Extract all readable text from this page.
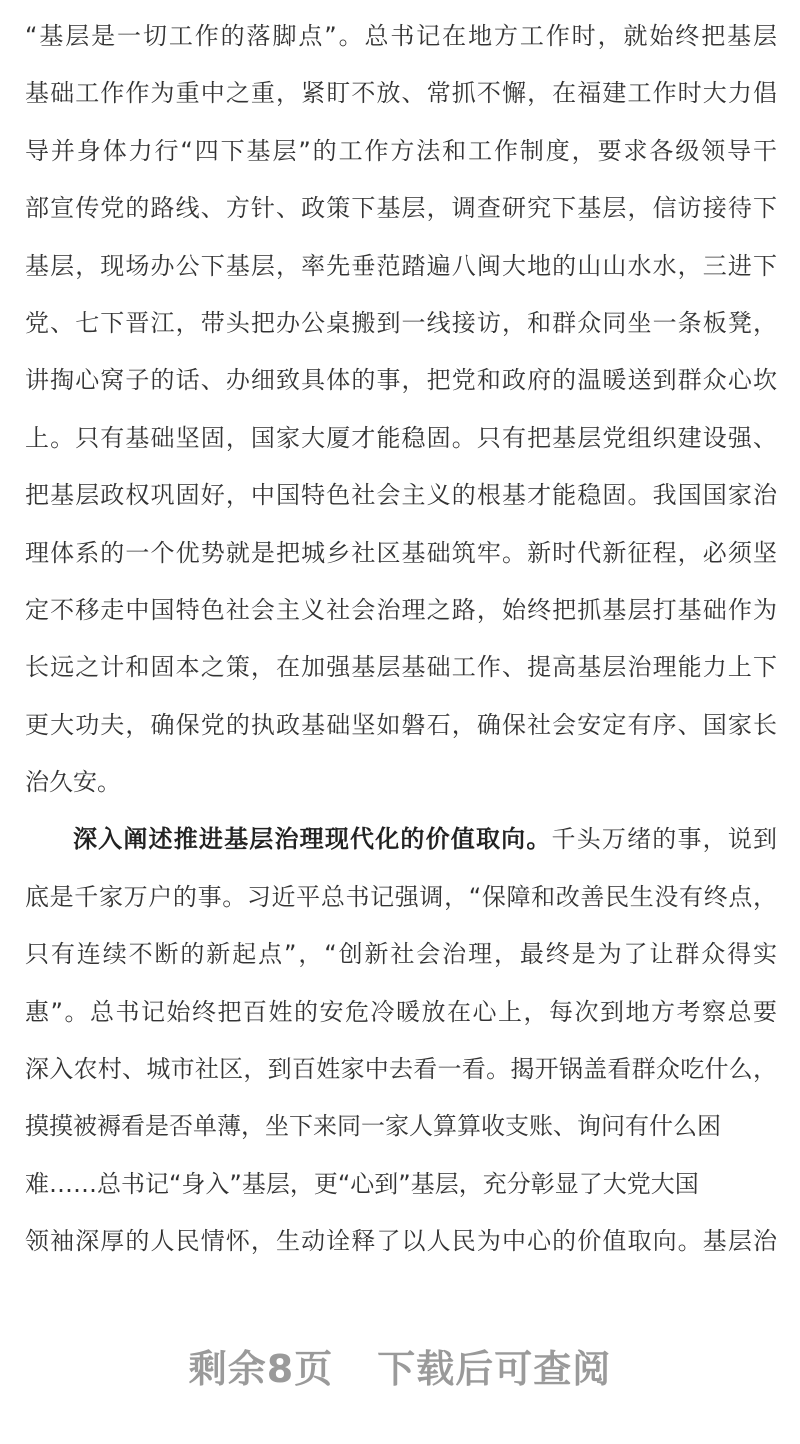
“基层是一切工作的落脚点”。总书记在地方工作时，就始终把基层
基础工作作为重中之重，紧盯不放、常抓不懈，在福建工作时大力倡
导并身体力行“四下基层”的工作方法和工作制度，要求各级领导干
部宣传党的路线、方针、政策下基层，调查研究下基层，信访接待下
基层，现场办公下基层，率先垂范踏遍八闽大地的山山水水，三进下
党、七下晋江，带头把办公桌搬到一线接访，和群众同坐一条板凳，
讲掏心窝子的话、办细致具体的事，把党和政府的温暖送到群众心坎
上。只有基础坚固，国家大厦才能稳固。只有把基层党组织建设强、
把基层政权巩固好，中国特色社会主义的根基才能稳固。我国国家治
理体系的一个优势就是把城乡社区基础筑牢。新时代新征程，必须坚
定不移走中国特色社会主义社会治理之路，始终把抓基层打基础作为
长远之计和固本之策，在加强基层基础工作、提高基层治理能力上下
更大功夫，确保党的执政基础坚如磐石，确保社会安定有序、国家长
治久安。
深入阐述推进基层治理现代化的价值取向。千头万绪的事，说到
底是千家万户的事。习近平总书记强调，“保障和改善民生没有终点，
只有连续不断的新起点”，“创新社会治理，最终是为了让群众得实
惠”。总书记始终把百姓的安危冷暖放在心上，每次到地方考察总要
深入农村、城市社区，到百姓家中去看一看。揭开锅盖看群众吃什么，
摸摸被褥看是否单薄，坐下来同一家人算算收支账、询问有什么困
难……总书记“身入”基层，更“心到”基层，充分彰显了大党大国
领袖深厚的人民情怀，生动诠释了以人民为中心的价值取向。基层治
剩余8页 下载后可查阅
